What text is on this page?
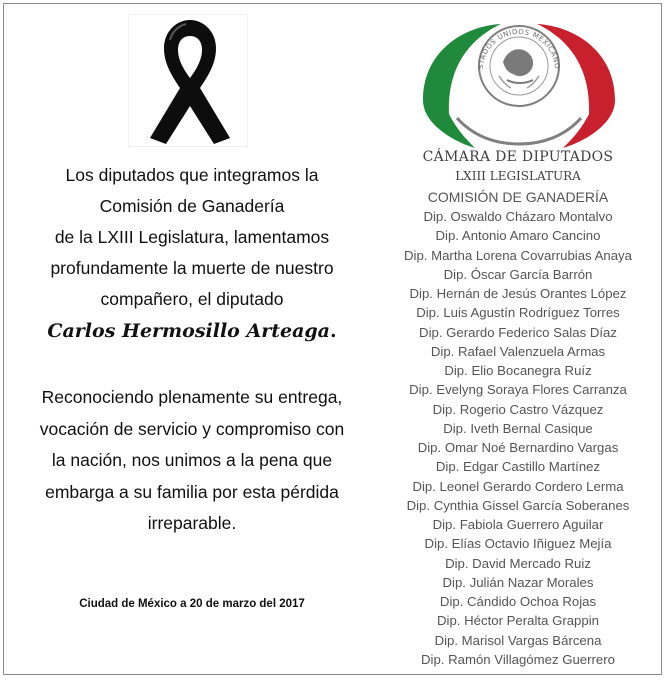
Los diputados que integramos la
Comisión de Ganadería
de la LXIII Legislatura, lamentamos
profundamente la muerte de nuestro
compañero, el diputado
Carlos Hermosillo Arteaga.
Reconociendo plenamente su entrega,
vocación de servicio y compromiso con
la nación, nos unimos a la pena que
embarga a su familia por esta pérdida
irreparable.
Ciudad de México a 20 de marzo del 2017
STADOS UNIDOS MEXICANO
CÁMARA DE DIPUTADOS
LXIII LEGISLATURA
COMISIÓN DE GANADERÍA
Dip. Oswaldo Cházaro Montalvo
Dip. Antonio Amaro Cancino
Dip. Martha Lorena Covarrubias Anaya
Dip. Óscar García Barrón
Dip. Hernán de Jesús Orantes López
Dip. Luis Agustín Rodríguez Torres
Dip. Gerardo Federico Salas Díaz
Dip. Rafael Valenzuela Armas
Dip. Elio Bocanegra Ruíz
Dip. Evelyng Soraya Flores Carranza
Dip. Rogerio Castro Vázquez
Dip. Iveth Bernal Casique
Dip. Omar Noé Bernardino Vargas
Dip. Edgar Castillo Martínez
Dip. Leonel Gerardo Cordero Lerma
Dip. Cynthia Gissel García Soberanes
Dip. Fabiola Guerrero Aguilar
Dip. Elías Octavio Iñiguez Mejía
Dip. David Mercado Ruiz
Dip. Julián Nazar Morales
Dip. Cándido Ochoa Rojas
Dip. Héctor Peralta Grappin
Dip. Marisol Vargas Bárcena
Dip. Ramón Villagómez Guerrero
